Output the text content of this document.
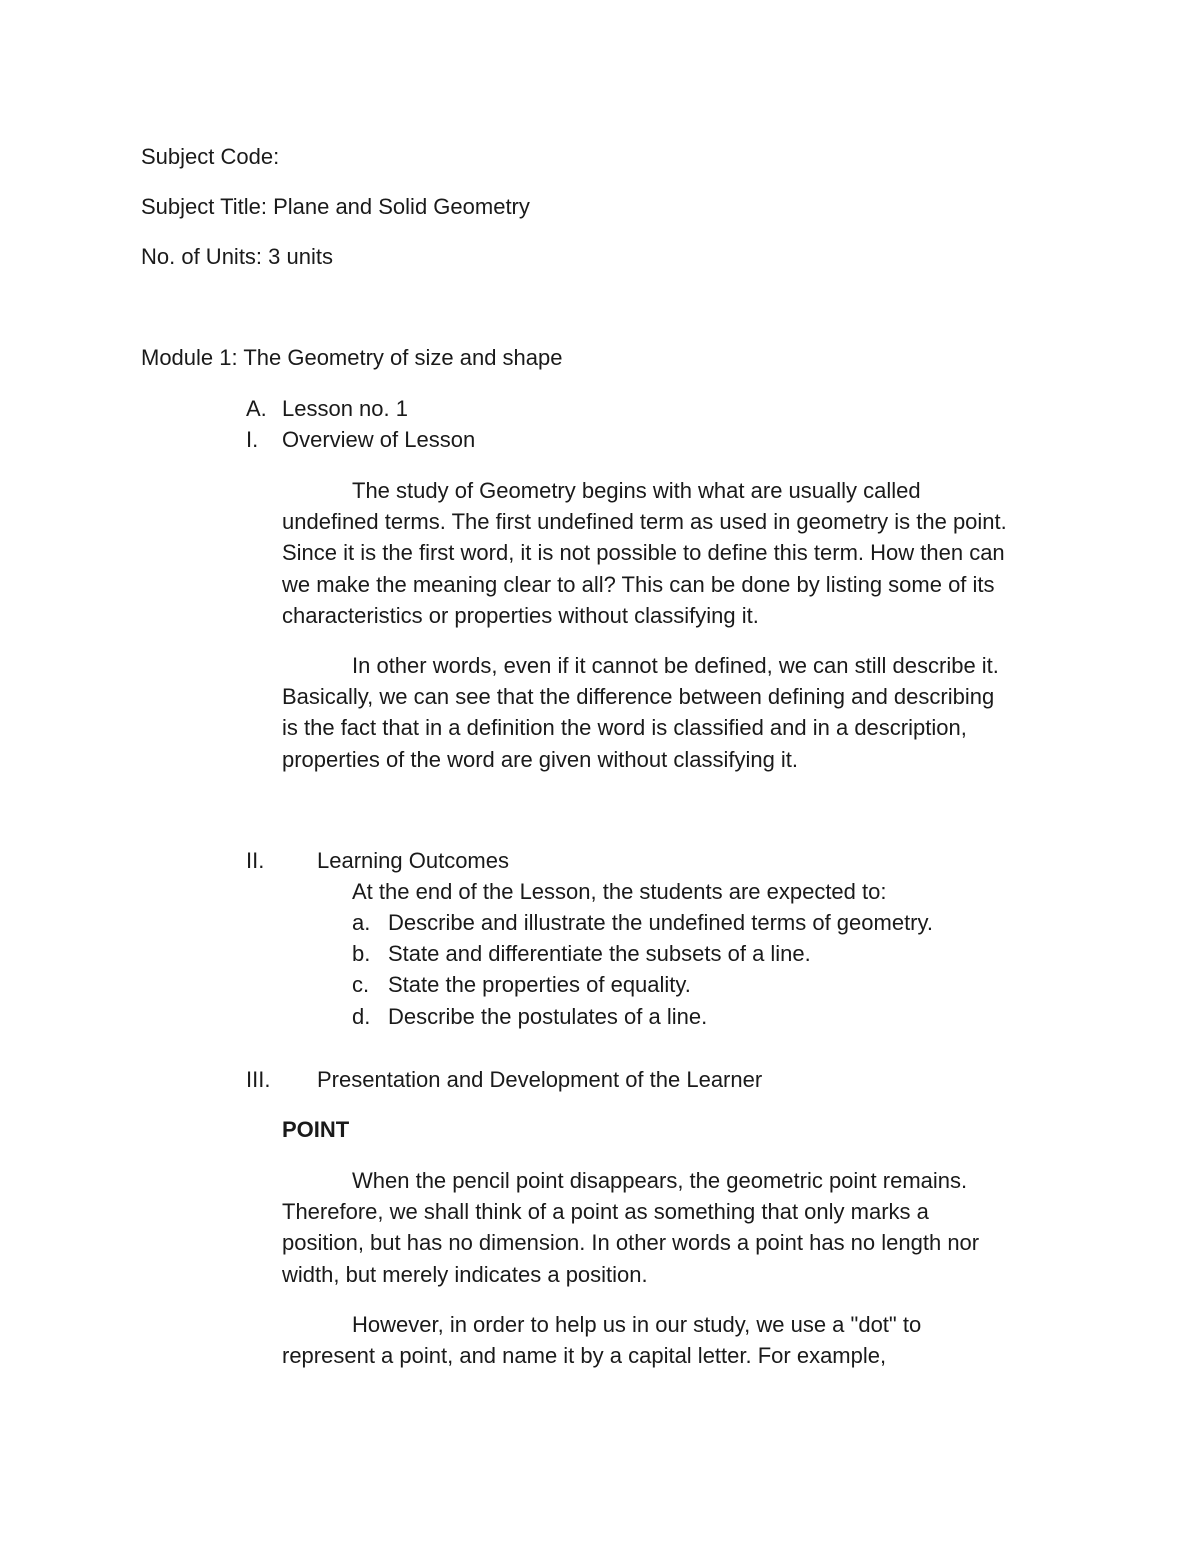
Subject Code:
Subject Title: Plane and Solid Geometry
No. of Units: 3 units
Module 1: The Geometry of size and shape
A. Lesson no. 1
I. Overview of Lesson
The study of Geometry begins with what are usually called
undefined terms. The first undefined term as used in geometry is the point.
Since it is the first word, it is not possible to define this term. How then can
we make the meaning clear to all? This can be done by listing some of its
characteristics or properties without classifying it.
In other words, even if it cannot be defined, we can still describe it.
Basically, we can see that the difference between defining and describing
is the fact that in a definition the word is classified and in a description,
properties of the word are given without classifying it.
II. Learning Outcomes
At the end of the Lesson, the students are expected to:
a. Describe and illustrate the undefined terms of geometry.
b. State and differentiate the subsets of a line.
c. State the properties of equality.
d. Describe the postulates of a line.
III. Presentation and Development of the Learner
POINT
When the pencil point disappears, the geometric point remains.
Therefore, we shall think of a point as something that only marks a
position, but has no dimension. In other words a point has no length nor
width, but merely indicates a position.
However, in order to help us in our study, we use a "dot" to
represent a point, and name it by a capital letter. For example,
